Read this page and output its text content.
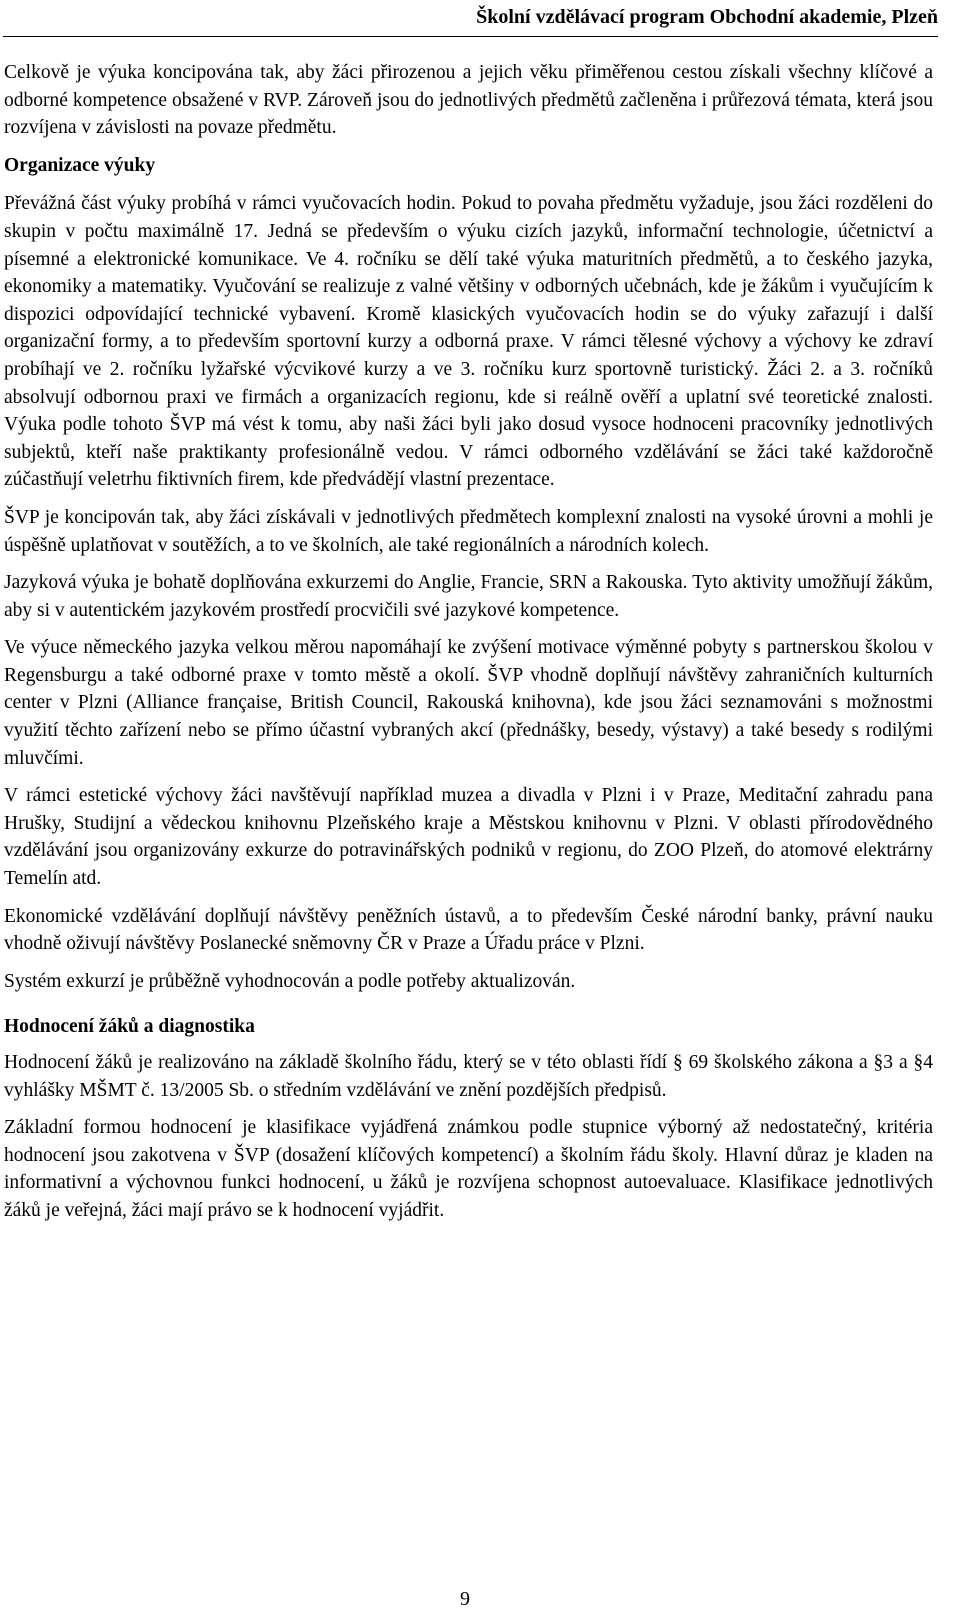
Školní vzdělávací program Obchodní akademie, Plzeň

Celkově je výuka koncipována tak, aby žáci přirozenou a jejich věku přiměřenou cestou získali všechny klíčové a odborné kompetence obsažené v RVP. Zároveň jsou do jednotlivých předmětů začleněna i průřezová témata, která jsou rozvíjena v závislosti na povaze předmětu.

Organizace výuky

Převážná část výuky probíhá v rámci vyučovacích hodin. Pokud to povaha předmětu vyžaduje, jsou žáci rozděleni do skupin v počtu maximálně 17. Jedná se především o výuku cizích jazyků, informační technologie, účetnictví a písemné a elektronické komunikace. Ve 4. ročníku se dělí také výuka maturitních předmětů, a to českého jazyka, ekonomiky a matematiky. Vyučování se realizuje z valné většiny v odborných učebnách, kde je žákům i vyučujícím k dispozici odpovídající technické vybavení. Kromě klasických vyučovacích hodin se do výuky zařazují i další organizační formy, a to především sportovní kurzy a odborná praxe. V rámci tělesné výchovy a výchovy ke zdraví probíhají ve 2. ročníku lyžařské výcvikové kurzy a ve 3. ročníku kurz sportovně turistický. Žáci 2. a 3. ročníků absolvují odbornou praxi ve firmách a organizacích regionu, kde si reálně ověří a uplatní své teoretické znalosti. Výuka podle tohoto ŠVP má vést k tomu, aby naši žáci byli jako dosud vysoce hodnoceni pracovníky jednotlivých subjektů, kteří naše praktikanty profesionálně vedou. V rámci odborného vzdělávání se žáci také každoročně zúčastňují veletrhu fiktivních firem, kde předvádějí vlastní prezentace.

ŠVP je koncipován tak, aby žáci získávali v jednotlivých předmětech komplexní znalosti na vysoké úrovni a mohli je úspěšně uplatňovat v soutěžích, a to ve školních, ale také regionálních a národních kolech.

Jazyková výuka je bohatě doplňována exkurzemi do Anglie, Francie, SRN a Rakouska. Tyto aktivity umožňují žákům, aby si v autentickém jazykovém prostředí procvičili své jazykové kompetence.

Ve výuce německého jazyka velkou měrou napomáhají ke zvýšení motivace výměnné pobyty s partnerskou školou v Regensburgu a také odborné praxe v tomto městě a okolí. ŠVP vhodně doplňují návštěvy zahraničních kulturních center v Plzni (Alliance française, British Council, Rakouská knihovna), kde jsou žáci seznamováni s možnostmi využití těchto zařízení nebo se přímo účastní vybraných akcí (přednášky, besedy, výstavy) a také besedy s rodilými mluvčími.

V rámci estetické výchovy žáci navštěvují například muzea a divadla v Plzni i v Praze, Meditační zahradu pana Hrušky, Studijní a vědeckou knihovnu Plzeňského kraje a Městskou knihovnu v Plzni. V oblasti přírodovědného vzdělávání jsou organizovány exkurze do potravinářských podniků v regionu, do ZOO Plzeň, do atomové elektrárny Temelín atd.

Ekonomické vzdělávání doplňují návštěvy peněžních ústavů, a to především České národní banky, právní nauku vhodně oživují návštěvy Poslanecké sněmovny ČR v Praze a Úřadu práce v Plzni.

Systém exkurzí je průběžně vyhodnocován a podle potřeby aktualizován.

Hodnocení žáků a diagnostika

Hodnocení žáků je realizováno na základě školního řádu, který se v této oblasti řídí § 69 školského zákona a §3 a §4 vyhlášky MŠMT č. 13/2005 Sb. o středním vzdělávání ve znění pozdějších předpisů.

Základní formou hodnocení je klasifikace vyjádřená známkou podle stupnice výborný až nedostatečný, kritéria hodnocení jsou zakotvena v ŠVP (dosažení klíčových kompetencí) a školním řádu školy. Hlavní důraz je kladen na informativní a výchovnou funkci hodnocení, u žáků je rozvíjena schopnost autoevaluace. Klasifikace jednotlivých žáků je veřejná, žáci mají právo se k hodnocení vyjádřit.

9
